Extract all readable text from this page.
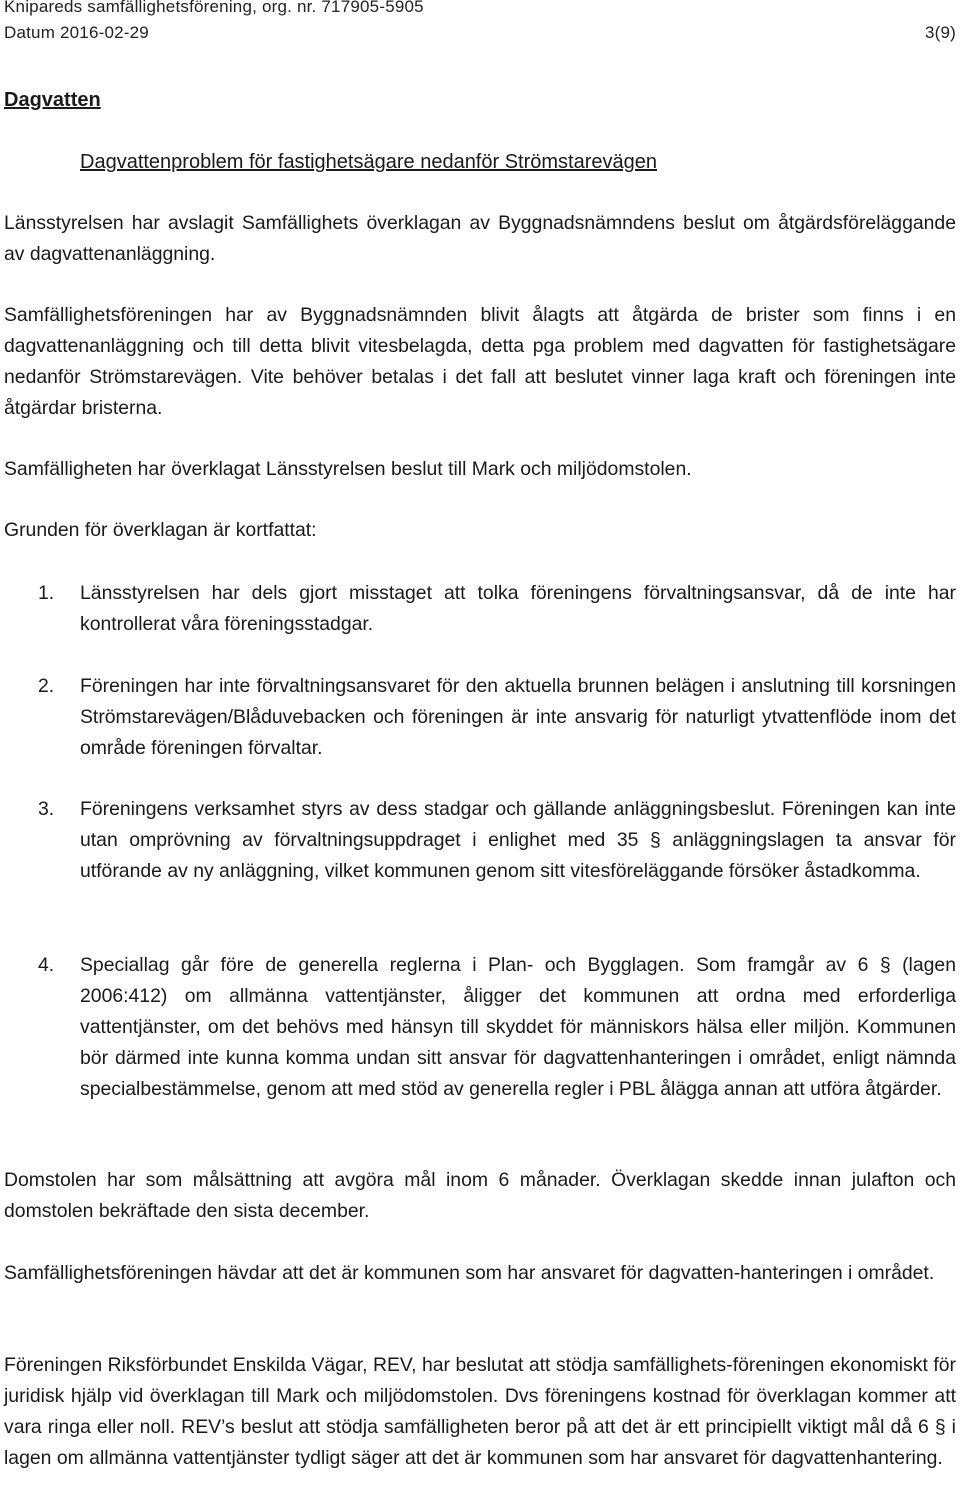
Knipareds samfällighetsförening, org. nr. 717905-5905
Datum 2016-02-29	3(9)
Dagvatten
Dagvattenproblem för fastighetsägare nedanför Strömstarevägen
Länsstyrelsen har avslagit Samfällighets överklagan av Byggnadsnämndens beslut om åtgärdsföreläggande av dagvattenanläggning.
Samfällighetsföreningen har av Byggnadsnämnden blivit ålagts att åtgärda de brister som finns i en dagvattenanläggning och till detta blivit vitesbelagda, detta pga problem med dagvatten för fastighetsägare nedanför Strömstarevägen. Vite behöver betalas i det fall att beslutet vinner laga kraft och föreningen inte åtgärdar bristerna.
Samfälligheten har överklagat Länsstyrelsen beslut till Mark och miljödomstolen.
Grunden för överklagan är kortfattat:
1.	Länsstyrelsen har dels gjort misstaget att tolka föreningens förvaltningsansvar, då de inte har kontrollerat våra föreningsstadgar.
2.	Föreningen har inte förvaltningsansvaret för den aktuella brunnen belägen i anslutning till korsningen Strömstarevägen/Blåduvebacken och föreningen är inte ansvarig för naturligt ytvattenflöde inom det område föreningen förvaltar.
3.	Föreningens verksamhet styrs av dess stadgar och gällande anläggningsbeslut. Föreningen kan inte utan omprövning av förvaltningsuppdraget i enlighet med 35 § anläggningslagen ta ansvar för utförande av ny anläggning, vilket kommunen genom sitt vitesföreläggande försöker åstadkomma.
4.	Speciallag går före de generella reglerna i Plan- och Bygglagen. Som framgår av 6 § (lagen 2006:412) om allmänna vattentjänster, åligger det kommunen att ordna med erforderliga vattentjänster, om det behövs med hänsyn till skyddet för människors hälsa eller miljön. Kommunen bör därmed inte kunna komma undan sitt ansvar för dagvattenhanteringen i området, enligt nämnda specialbestämmelse, genom att med stöd av generella regler i PBL ålägga annan att utföra åtgärder.
Domstolen har som målsättning att avgöra mål inom 6 månader. Överklagan skedde innan julafton och domstolen bekräftade den sista december.
Samfällighetsföreningen hävdar att det är kommunen som har ansvaret för dagvatten-hanteringen i området.
Föreningen Riksförbundet Enskilda Vägar, REV, har beslutat att stödja samfällighets-föreningen ekonomiskt för juridisk hjälp vid överklagan till Mark och miljödomstolen. Dvs föreningens kostnad för överklagan kommer att vara ringa eller noll. REV’s beslut att stödja samfälligheten beror på att det är ett principiellt viktigt mål då 6 § i lagen om allmänna vattentjänster tydligt säger att det är kommunen som har ansvaret för dagvattenhantering.
